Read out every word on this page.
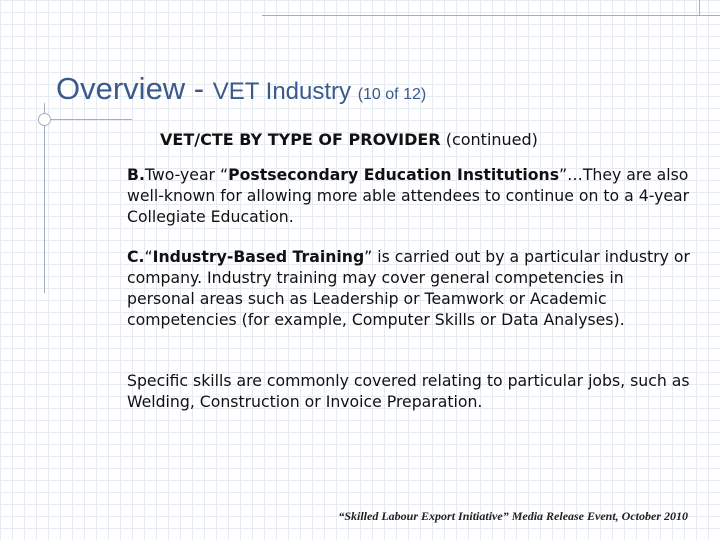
Overview - VET Industry (10 of 12)
VET/CTE BY TYPE OF PROVIDER (continued)

B.Two-year “Postsecondary Education Institutions”…They are also well-known for allowing more able attendees to continue on to a 4-year Collegiate Education.

C.“Industry-Based Training” is carried out by a particular industry or company. Industry training may cover general competencies in personal areas such as Leadership or Teamwork or Academic competencies (for example, Computer Skills or Data Analyses).

Specific skills are commonly covered relating to particular jobs, such as Welding, Construction or Invoice Preparation.

“Skilled Labour Export Initiative” Media Release Event, October 2010
